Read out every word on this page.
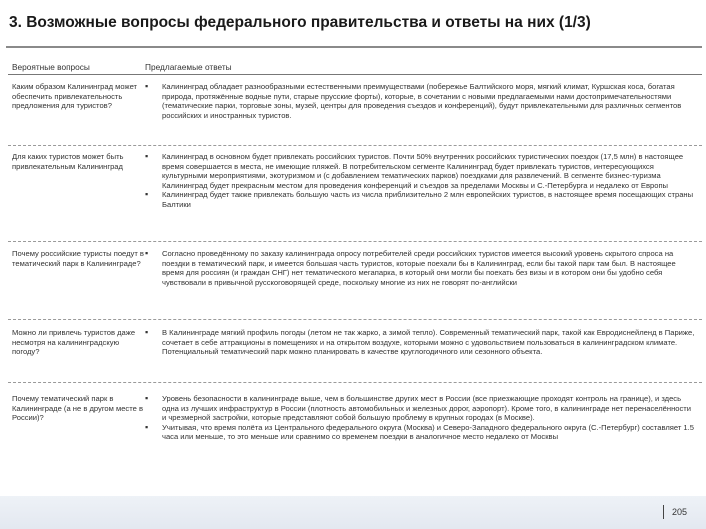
3. Возможные вопросы федерального правительства и ответы на них (1/3)
Вероятные вопросы	Предлагаемые ответы
Каким образом Калининград может обеспечить привлекательность предложения для туристов?
▪ Калининград обладает разнообразными естественными преимуществами (побережье Балтийского моря, мягкий климат, Куршская коса, богатая природа, протяжённые водные пути, старые прусские форты), которые, в сочетании с новыми предлагаемыми нами достопримечательностями (тематические парки, торговые зоны, музей, центры для проведения съездов и конференций), будут привлекательными для различных сегментов российских и иностранных туристов.
Для каких туристов может быть привлекательным Калининград
▪ Калининград в основном будет привлекать российских туристов. Почти 50% внутренних российских туристических поездок (17,5 млн) в настоящее время совершается в места, не имеющие пляжей. В потребительском сегменте Калининград будет привлекать туристов, интересующихся культурными мероприятиями, экотуризмом и (с добавлением тематических парков) поездками для развлечений. В сегменте бизнес-туризма Калининград будет прекрасным местом для проведения конференций и съездов за пределами Москвы и С.-Петербурга и недалеко от Европы
▪ Калининград будет также привлекать большую часть из числа приблизительно 2 млн европейских туристов, в настоящее время посещающих страны Балтики
Почему российские туристы поедут в тематический парк в Калининграде?
▪ Согласно проведённому по заказу калининграда опросу потребителей среди российских туристов имеется высокий уровень скрытого спроса на поездки в тематический парк, и имеется большая часть туристов, которые поехали бы в Калининград, если бы такой парк там был. В настоящее время для россиян (и граждан СНГ) нет тематического мегапарка, в который они могли бы поехать без визы и в котором они бы удобно себя чувствовали в привычной русскоговорящей среде, поскольку многие из них не говорят по-английски
Можно ли привлечь туристов даже несмотря на калининградскую погоду?
▪ В Калининграде мягкий профиль погоды (летом не так жарко, а зимой тепло). Современный тематический парк, такой как Евродиснейленд в Париже, сочетает в себе аттракционы в помещениях и на открытом воздухе, которыми можно с удовольствием пользоваться в калининградском климате. Потенциальный тематический парк можно планировать в качестве круглогодичного или сезонного объекта.
Почему тематический парк в Калининграде (а не в другом месте в России)?
▪ Уровень безопасности в калининграде выше, чем в большинстве других мест в России (все приезжающие проходят контроль на границе), и здесь одна из лучших инфраструктур в России (плотность автомобильных и железных дорог, аэропорт). Кроме того, в калининграде нет перенаселённости и чрезмерной застройки, которые представляют собой большую проблему в крупных городах (в Москве).
▪ Учитывая, что время полёта из Центрального федерального округа (Москва) и Северо-Западного федерального округа (С.-Петербург) составляет 1.5 часа или меньше, то это меньше или сравнимо со временем поездки в аналогичное место недалеко от Москвы
205
